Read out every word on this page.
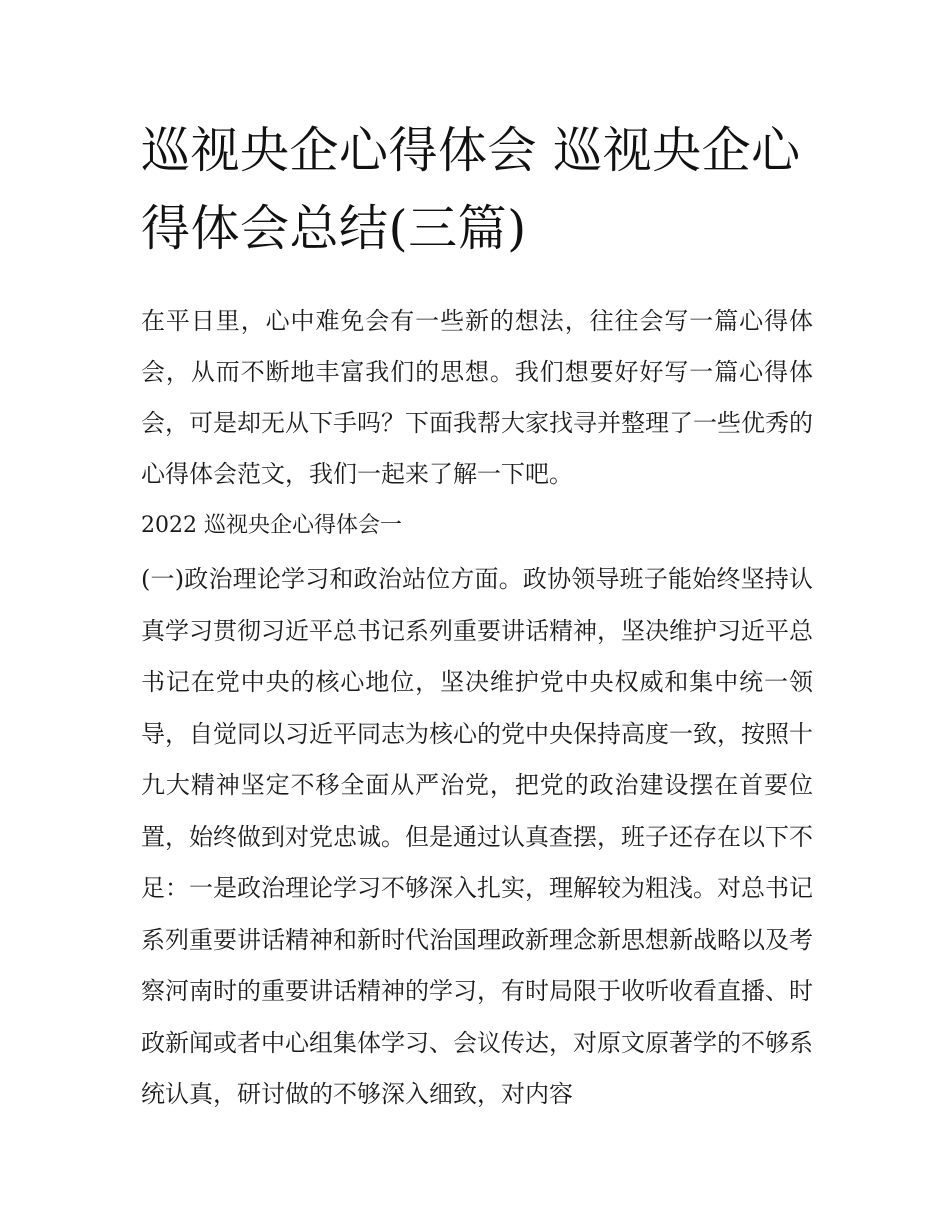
巡视央企心得体会 巡视央企心得体会总结(三篇)

在平日里，心中难免会有一些新的想法，往往会写一篇心得体会，从而不断地丰富我们的思想。我们想要好好写一篇心得体会，可是却无从下手吗？下面我帮大家找寻并整理了一些优秀的心得体会范文，我们一起来了解一下吧。

2022 巡视央企心得体会一

(一)政治理论学习和政治站位方面。政协领导班子能始终坚持认真学习贯彻习近平总书记系列重要讲话精神，坚决维护习近平总书记在党中央的核心地位，坚决维护党中央权威和集中统一领导，自觉同以习近平同志为核心的党中央保持高度一致，按照十九大精神坚定不移全面从严治党，把党的政治建设摆在首要位置，始终做到对党忠诚。但是通过认真查摆，班子还存在以下不足：一是政治理论学习不够深入扎实，理解较为粗浅。对总书记系列重要讲话精神和新时代治国理政新理念新思想新战略以及考察河南时的重要讲话精神的学习，有时局限于收听收看直播、时政新闻或者中心组集体学习、会议传达，对原文原著学的不够系统认真，研讨做的不够深入细致，对内容
